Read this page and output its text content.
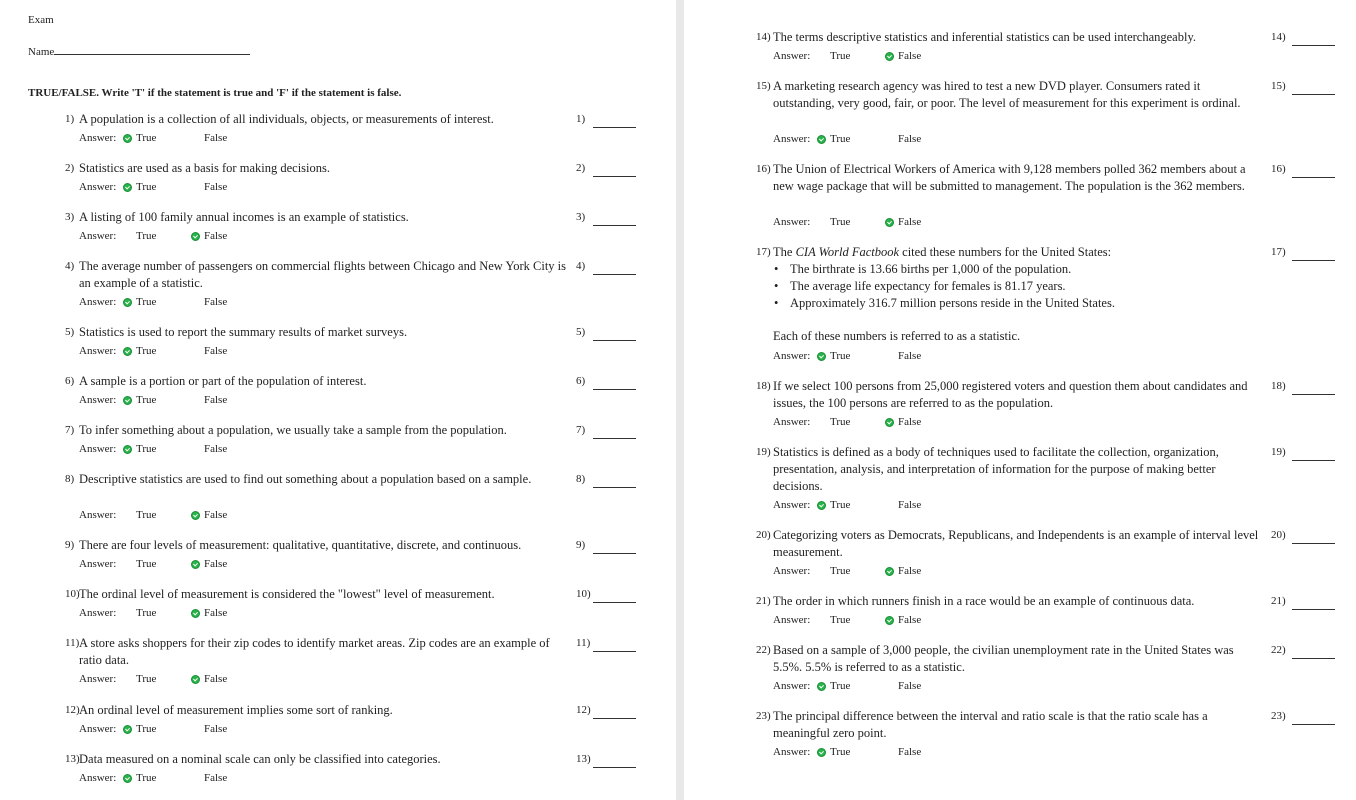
Exam
Name
TRUE/FALSE. Write 'T' if the statement is true and 'F' if the statement is false.
1) A population is a collection of all individuals, objects, or measurements of interest.
Answer: True	False
1)
2) Statistics are used as a basis for making decisions.
Answer: True	False
2)
3) A listing of 100 family annual incomes is an example of statistics.
Answer: True	False
3)
4) The average number of passengers on commercial flights between Chicago and New York City is an example of a statistic.
Answer: True	False
4)
5) Statistics is used to report the summary results of market surveys.
Answer: True	False
5)
6) A sample is a portion or part of the population of interest.
Answer: True	False
6)
7) To infer something about a population, we usually take a sample from the population.
Answer: True	False
7)
8) Descriptive statistics are used to find out something about a population based on a sample.
Answer: True	False
8)
9) There are four levels of measurement: qualitative, quantitative, discrete, and continuous.
Answer: True	False
9)
10) The ordinal level of measurement is considered the "lowest" level of measurement.
Answer: True	False
10)
11) A store asks shoppers for their zip codes to identify market areas. Zip codes are an example of ratio data.
Answer: True	False
11)
12) An ordinal level of measurement implies some sort of ranking.
Answer: True	False
12)
13) Data measured on a nominal scale can only be classified into categories.
Answer: True	False
13)
14) The terms descriptive statistics and inferential statistics can be used interchangeably.
Answer: True	False
14)
15) A marketing research agency was hired to test a new DVD player. Consumers rated it outstanding, very good, fair, or poor. The level of measurement for this experiment is ordinal.
Answer: True	False
15)
16) The Union of Electrical Workers of America with 9,128 members polled 362 members about a new wage package that will be submitted to management. The population is the 362 members.
Answer: True	False
16)
17) The CIA World Factbook cited these numbers for the United States:
• The birthrate is 13.66 births per 1,000 of the population.
• The average life expectancy for females is 81.17 years.
• Approximately 316.7 million persons reside in the United States.
Each of these numbers is referred to as a statistic.
Answer: True	False
17)
18) If we select 100 persons from 25,000 registered voters and question them about candidates and issues, the 100 persons are referred to as the population.
Answer: True	False
18)
19) Statistics is defined as a body of techniques used to facilitate the collection, organization, presentation, analysis, and interpretation of information for the purpose of making better decisions.
Answer: True	False
19)
20) Categorizing voters as Democrats, Republicans, and Independents is an example of interval level measurement.
Answer: True	False
20)
21) The order in which runners finish in a race would be an example of continuous data.
Answer: True	False
21)
22) Based on a sample of 3,000 people, the civilian unemployment rate in the United States was 5.5%. 5.5% is referred to as a statistic.
Answer: True	False
22)
23) The principal difference between the interval and ratio scale is that the ratio scale has a meaningful zero point.
Answer: True	False
23)
